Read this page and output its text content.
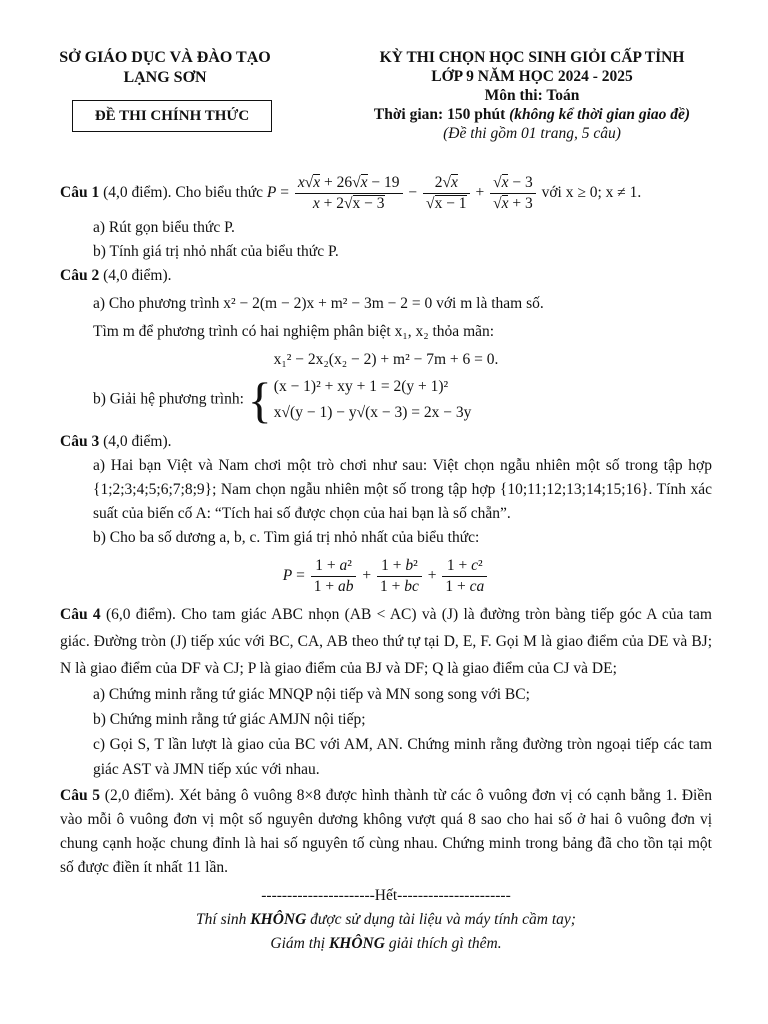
SỞ GIÁO DỤC VÀ ĐÀO TẠO
LẠNG SƠN
ĐỀ THI CHÍNH THỨC
KỲ THI CHỌN HỌC SINH GIỎI CẤP TỈNH
LỚP 9 NĂM HỌC 2024 - 2025
Môn thi: Toán
Thời gian: 150 phút (không kể thời gian giao đề)
(Đề thi gồm 01 trang, 5 câu)
Câu 1 (4,0 điểm). Cho biểu thức $P = \frac{x√x + 26√x - 19}{x + 2√x - 3} - \frac{2√x}{√x - 1} + \frac{√x - 3}{√x + 3}$ với x ≥ 0; x ≠ 1.
a) Rút gọn biểu thức P.
b) Tính giá trị nhỏ nhất của biểu thức P.
Câu 2 (4,0 điểm).
a) Cho phương trình x² − 2(m − 2)x + m² − 3m − 2 = 0 với m là tham số.
Tìm m để phương trình có hai nghiệm phân biệt x₁, x₂ thỏa mãn:
x₁² − 2x₂(x₂ − 2) + m² − 7m + 6 = 0.
b) Giải hệ phương trình: { (x − 1)² + xy + 1 = 2(y + 1)²
x√(y − 1) − y√(x − 3) = 2x − 3y
Câu 3 (4,0 điểm).
a) Hai bạn Việt và Nam chơi một trò chơi như sau: Việt chọn ngẫu nhiên một số trong tập hợp {1;2;3;4;5;6;7;8;9}; Nam chọn ngẫu nhiên một số trong tập hợp {10;11;12;13;14;15;16}. Tính xác suất của biến cố A: “Tích hai số được chọn của hai bạn là số chẵn”.
b) Cho ba số dương a, b, c. Tìm giá trị nhỏ nhất của biểu thức:
$P = \frac{\text{1 + a²}}{1 + ab} + \frac{\text{1 + b²}}{1 + bc} + \frac{\text{1 + c²}}{1 + ca}$
Câu 4 (6,0 điểm). Cho tam giác ABC nhọn (AB < AC) và (J) là đường tròn bàng tiếp góc A của tam giác. Đường tròn (J) tiếp xúc với BC, CA, AB theo thứ tự tại D, E, F. Gọi M là giao điểm của DE và BJ; N là giao điểm của DF và CJ; P là giao điểm của BJ và DF; Q là giao điểm của CJ và DE;
a) Chứng minh rằng tứ giác MNQP nội tiếp và MN song song với BC;
b) Chứng minh rằng tứ giác AMJN nội tiếp;
c) Gọi S, T lần lượt là giao của BC với AM, AN. Chứng minh rằng đường tròn ngoại tiếp các tam giác AST và JMN tiếp xúc với nhau.
Câu 5 (2,0 điểm). Xét bảng ô vuông 8×8 được hình thành từ các ô vuông đơn vị có cạnh bằng 1. Điền vào mỗi ô vuông đơn vị một số nguyên dương không vượt quá 8 sao cho hai số ở hai ô vuông đơn vị chung cạnh hoặc chung đỉnh là hai số nguyên tố cùng nhau. Chứng minh trong bảng đã cho tồn tại một số được điền ít nhất 11 lần.
----------------------Hết----------------------
Thí sinh KHÔNG được sử dụng tài liệu và máy tính cầm tay;
Giám thị KHÔNG giải thích gì thêm.
